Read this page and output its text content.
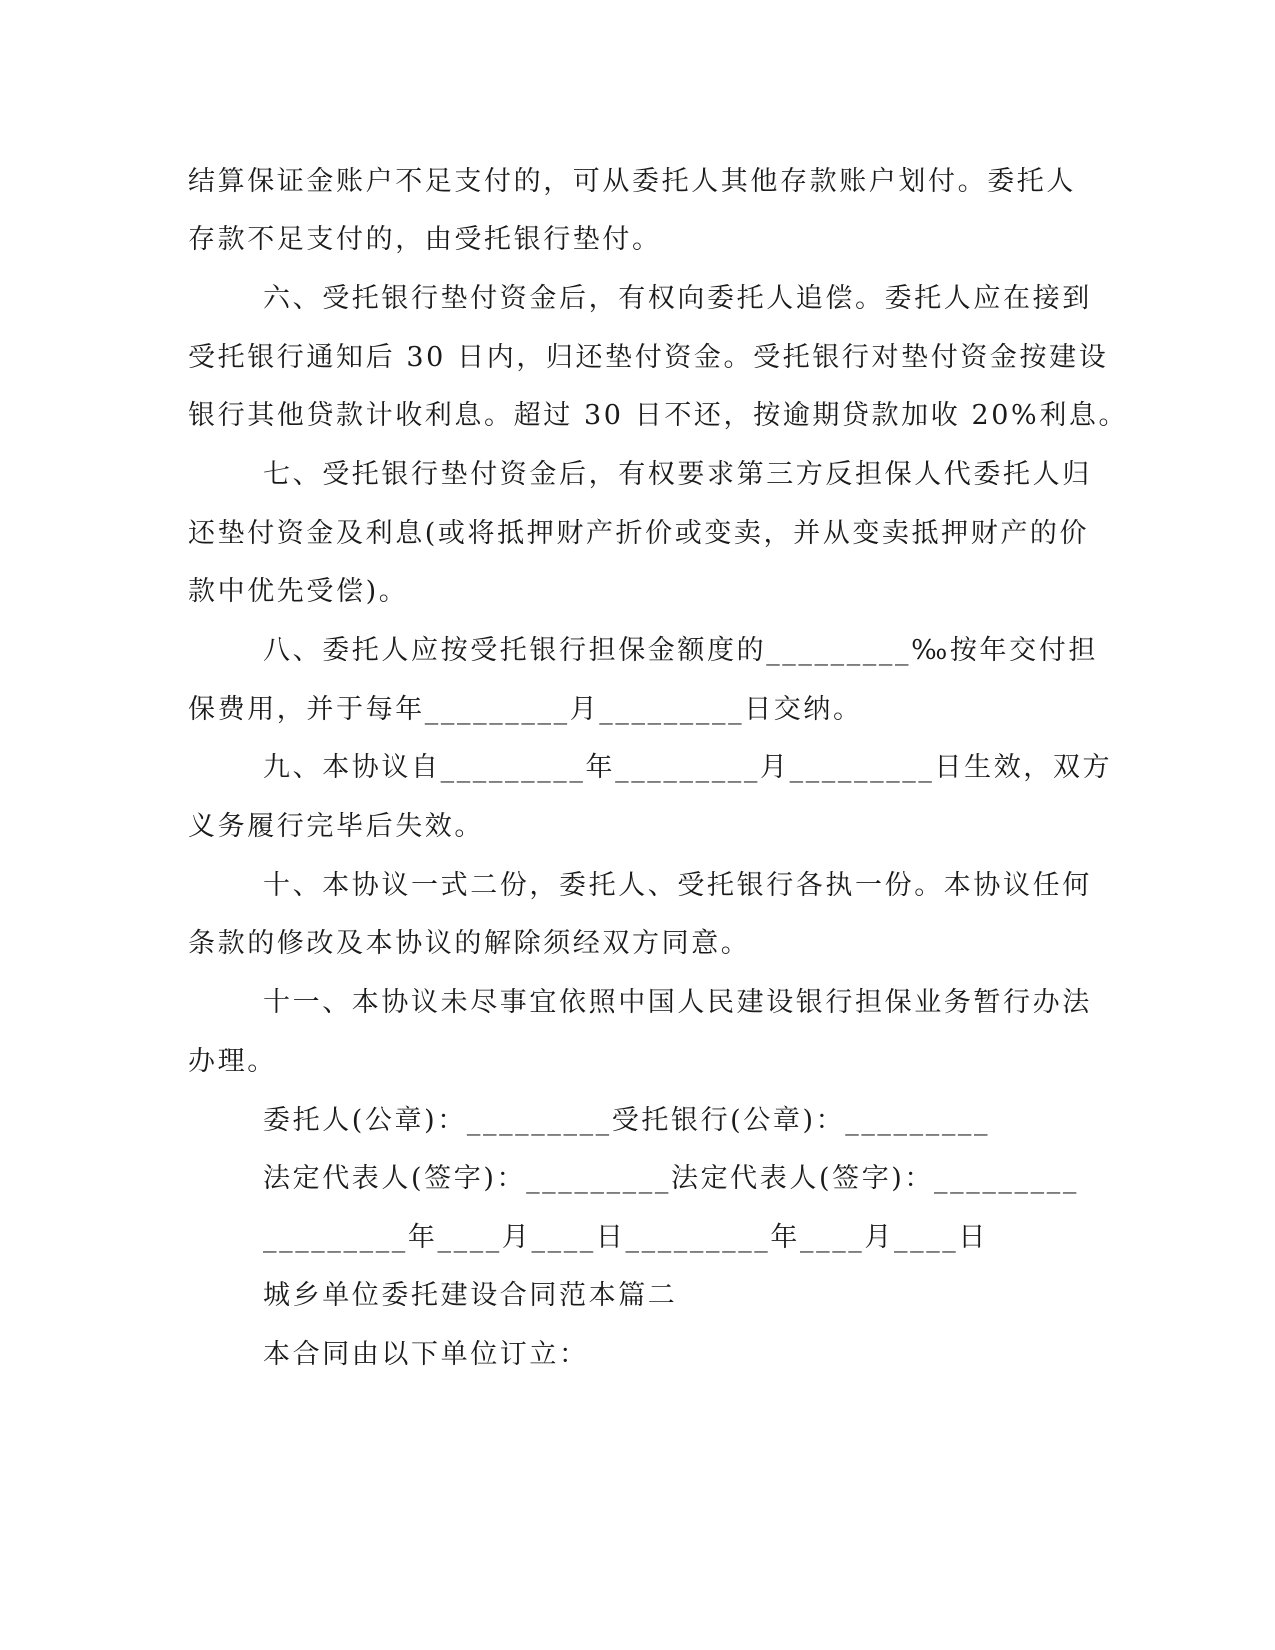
结算保证金账户不足支付的，可从委托人其他存款账户划付。委托人
存款不足支付的，由受托银行垫付。
六、受托银行垫付资金后，有权向委托人追偿。委托人应在接到
受托银行通知后 30 日内，归还垫付资金。受托银行对垫付资金按建设
银行其他贷款计收利息。超过 30 日不还，按逾期贷款加收 20%利息。
七、受托银行垫付资金后，有权要求第三方反担保人代委托人归
还垫付资金及利息(或将抵押财产折价或变卖，并从变卖抵押财产的价
款中优先受偿)。
八、委托人应按受托银行担保金额度的_________‰按年交付担
保费用，并于每年_________月_________日交纳。
九、本协议自_________年_________月_________日生效，双方
义务履行完毕后失效。
十、本协议一式二份，委托人、受托银行各执一份。本协议任何
条款的修改及本协议的解除须经双方同意。
十一、本协议未尽事宜依照中国人民建设银行担保业务暂行办法
办理。
委托人(公章)：_________受托银行(公章)：_________
法定代表人(签字)：_________法定代表人(签字)：_________
_________年____月____日_________年____月____日
城乡单位委托建设合同范本篇二
本合同由以下单位订立：
